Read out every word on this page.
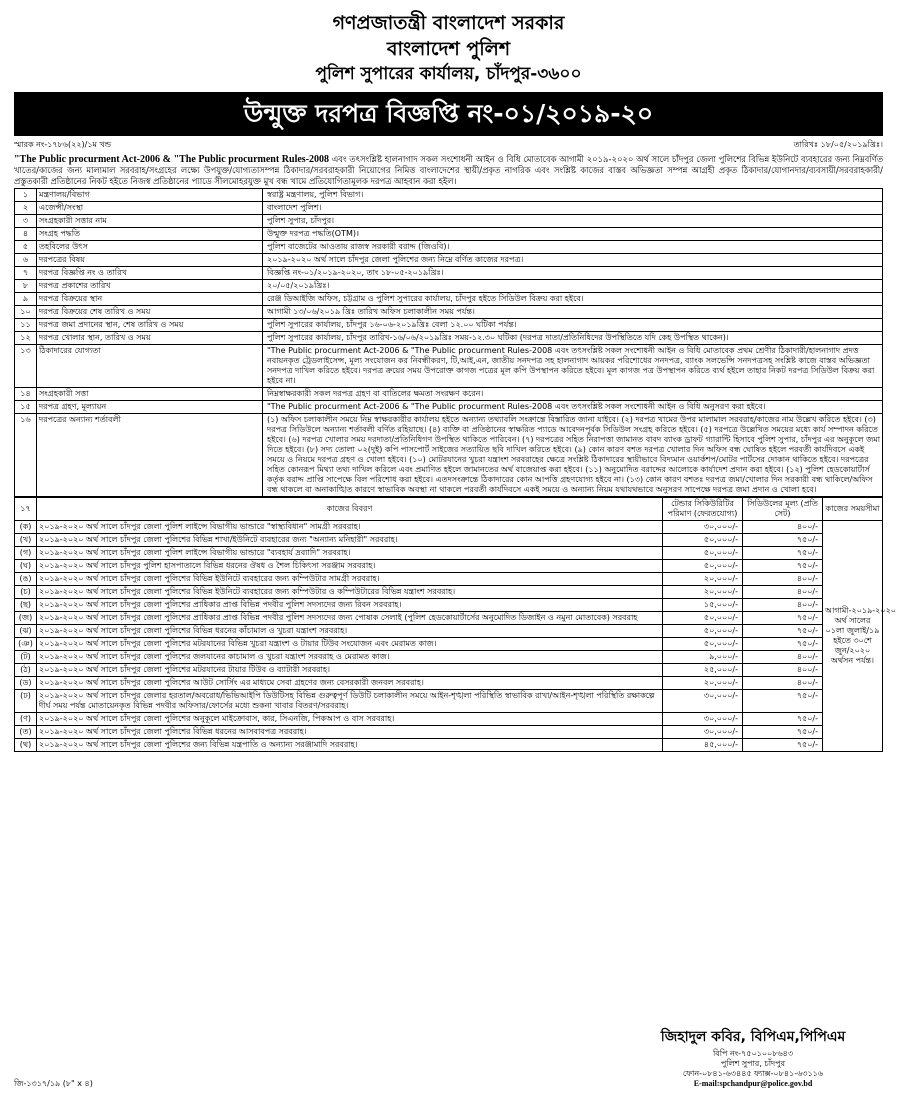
গণপ্রজাতন্ত্রী বাংলাদেশ সরকার
বাংলাদেশ পুলিশ
পুলিশ সুপারের কার্যালয়, চাঁদপুর-৩৬০০
উন্মুক্ত দরপত্র বিজ্ঞপ্তি নং-০১/২০১৯-২০
স্মারক নং-১৭৮৬(২২)/১ম খন্ড	তারিখঃ ১৮/০৫/২০১৯খ্রিঃ।
"The Public procurment Act-2006 & "The Public procurment Rules-2008 এবং তৎসংশ্লিষ্ট হালনাগাদ সকল সংশোধনী আইন ও বিধি মোতাবেক আগামী ২০১৯-২০২০ অর্থ সালে চাঁদপুর জেলা পুলিশের বিভিন্ন ইউনিটে ব্যবহারের জন্য নিম্নবর্ণিত খাতের/কাজের জন্য মালামাল সরবরাহ/সংগ্রহের লক্ষ্যে উপযুক্ত/যোগ্যতাসম্পন্ন ঠিকাদার/সরবরাহকারী নিয়োগের নিমিত্ত বাংলাদেশের স্থায়ী/প্রকৃত নাগরিক এবং সংশ্লিষ্ট কাজের বাস্তব অভিজ্ঞতা সম্পন্ন আগ্রহী প্রকৃত ঠিকাদার/যোগানদার/ব্যবসায়ী/সরবরাহকারী/প্রস্তুতকারী প্রতিষ্ঠানের নিকট হইতে নিজস্ব প্রতিষ্ঠানের প্যাডে সীলমোহরযুক্ত মুখ বন্ধ খামে প্রতিযোগিতামূলক দরপত্র আহবান করা হইল।
১	মন্ত্রণালয়/বিভাগ	স্বরাষ্ট্র মন্ত্রণালয়, পুলিশ বিভাগ।
২	এজেন্সী/সংস্থা	বাংলাদেশ পুলিশ।
৩	সংগ্রহকারী সত্তার নাম	পুলিশ সুপার, চাঁদপুর।
৪	সংগ্রহ পদ্ধতি	উন্মুক্ত দরপত্র পদ্ধতি(OTM)।
৫	তহবিলের উৎস	পুলিশ বাজেটের আওতায় রাজস্ব সরকারী বরাদ্দ (জিওবি)।
৬	দরপত্রের বিষয়	২০১৯-২০২০ অর্থ সালে চাঁদপুর জেলা পুলিশের জন্য নিম্নে বর্ণিত কাজের দরপত্র।
৭	দরপত্র বিজ্ঞপ্তি নং ও তারিখ	বিজ্ঞপ্তি নং-০১/২০১৯-২০২০, তাং ১৮-০৫-২০১৯খ্রিঃ।
৮	দরপত্র প্রকাশের তারিখ	২০/০৫/২০১৯খ্রিঃ।
৯	দরপত্র বিক্রয়ের স্থান	রেঞ্জ ডিআইজি অফিস, চট্টগ্রাম ও পুলিশ সুপারের কার্যালয়, চাঁদপুর হইতে সিডিউল বিক্রয় করা হইবে।
১০	দরপত্র বিক্রয়ের শেষ তারিখ ও সময়	আগামী ১৩/০৬/২০১৯ খ্রিঃ তারিখ অফিস চলাকালীন সময় পর্যন্ত।
১১	দরপত্র জমা প্রদানের স্থান, শেষ তারিখ ও সময়	পুলিশ সুপারের কার্যালয়, চাঁদপুর ১৬-০৬-২০১৯খ্রিঃ বেলা ১২.০০ ঘটিকা পর্যন্ত।
১২	দরপত্র খোলার স্থান, তারিখ ও সময়	পুলিশ সুপারের কার্যালয়, চাঁদপুর তারিখ-১৬/০৬/২০১৯খ্রিঃ সময়-১২.৩০ ঘটিকা (দরপত্র দাতা/প্রতিনিধিদের উপস্থিতিতে যদি কেহ উপস্থিত থাকেন)।
১৩	ঠিকাদারের যোগ্যতা	"The Public procurment Act-2006 & "The Public procurment Rules-2008 এবং তৎসংশ্লিষ্ট সকল সংশোধনী আইন ও বিধি মোতাবেক প্রথম শ্রেণীর ঠিকাদারী/হালনাগাদ প্রদত্ত নবায়নকৃত ট্রেডলাইসেন্স, মূল্য সংযোজন কর নিবন্ধীকরণ, টি,আই,এন, জাতীয় সনদপত্র সহ হালনাগাদ আয়কর পরিশোধের সনদপত্র, ব্যাংক সলভেন্সি সনদপত্রসহ সংশ্লিষ্ট কাজে বাস্তব অভিজ্ঞতা সনদপত্র দাখিল করিতে হইবে। দরপত্র ক্রয়ের সময় উপরোক্ত কাগজ পত্রের মূল কপি উপস্থাপন করিতে হইবে। মূল কাগজ পত্র উপস্থাপন করিতে ব্যর্থ হইলে তাহার নিকট দরপত্র সিডিউল বিক্রয় করা হইবে না।
১৪	সংগ্রহকারী সত্তা	নিম্নস্বাক্ষরকারী সকল দরপত্র গ্রহণ বা বাতিলের ক্ষমতা সংরক্ষণ করেন।
১৫	দরপত্র গ্রহণ, মূল্যায়ন	"The Public procurment Act-2006 & "The Public procurment Rules-2008 এবং তৎসংশ্লিষ্ট সকল সংশোধনী আইন ও বিধি অনুসরণ করা হইবে।
১৬	দরপত্রের অন্যান্য শর্তাবলী	(১) অফিস চলাকালীন সময়ে নিম্ন স্বাক্ষরকারীর কার্যালয় হইতে অন্যান্য তথ্যাবলি সংক্রান্তে বিস্তারিত জানা যাইবে। (২) দরপত্র খামের উপর মালামাল সরবরাহ/কাজের নাম উল্লেখ করিতে হইবে। (৩) দরপত্র সিডিউলে অন্যান্য শর্তাবলী বর্ণিত রহিয়াছে। (৪) ব্যক্তি বা প্রতিষ্ঠানের স্বাক্ষরিত প্যাডে আবেদনপূর্বক সিডিউল সংগ্রহ করিতে হইবে। (৫) দরপত্রে উল্লেখিত সময়ের মধ্যে কার্য সম্পাদন করিতে হইবে। (৬) দরপত্র খোলার সময় দরদাতা/প্রতিনিধিগণ উপস্থিত থাকিতে পারিবেন। (৭) দরপত্রের সহিত নিরাপত্তা জামানত বাবদ ব্যাংক ড্রাফট গ্যারান্টি হিসাবে পুলিশ সুপার, চাঁদপুর এর অনুকূলে জমা দিতে হইবে। (৮) সদ্য তোলা ০২(দুই) কপি পাসপোর্ট সাইজের সত্যায়িত ছবি দাখিল করিতে হইবে। (৯) কোন কারণ বশত দরপত্র খোলার দিন অফিস বন্ধ ঘোষিত হইলে পরবর্তী কার্যদিবসে একই সময়ে ও নিয়মে দরপত্র গ্রহণ ও খোলা হইবে। (১০) মোটরযানের খুচরা যন্ত্রাংশ সরবরাহের ক্ষেত্রে সংশ্লিষ্ট ঠিকাদারের স্থায়ীভাবে বিদ্যমান ওয়ার্কশপ/মোটর পার্টসের দোকান থাকিতে হইবে। দরপত্রের সহিত কোনরূপ মিথ্যা তথ্য দাখিল করিলে এবং প্রমাণিত হইলে জামানতের অর্থ বাজেয়াপ্ত করা হইবে। (১১) অনুমোদিত বরাদ্দের আলোকে কার্যাদেশ প্রদান করা হইবে। (১২) পুলিশ হেডকোয়ার্টার্স কর্তৃক বরাদ্দ প্রাপ্তি সাপেক্ষে বিল পরিশোধ করা হইবে। এতদসংক্রান্তে ঠিকাদারের কোন আপত্তি গ্রহণযোগ্য হইবে না। (১৩) কোন কারণ বশতঃ দরপত্র জমা/খোলার দিন সরকারী বন্ধ থাকিলে/অফিস বন্ধ থাকলে বা অনাকাঙ্খিত কারণে স্বাভাবিক অবস্থা না থাকলে পরবর্তী কার্যদিবসে একই সময়ে ও অন্যান্য নিয়ম যথাযথভাবে অনুসরণ সাপেক্ষে দরপত্র জমা প্রদান ও খোলা হবে।
১৭	কাজের বিবরণ	টেন্ডার সিকিউরিটির পরিমাণ (ফেরতযোগ্য)	সিডিউলের মূল্য (প্রতি সেট)	কাজের সময়সীমা
(ক)	২০১৯-২০২০ অর্থ সালে চাঁদপুর জেলা পুলিশ লাইন্সে বিভাগীয় ভান্ডারে "স্বাস্থ্যবিধান" সামগ্রী সরবরাহ।	৩০,০০০/-	৪০০/-	আগামী-২০১৯-২০২০ অর্থ সালের ০১লা জুলাই/১৯ হইতে ৩০শে জুন/২০২০ অর্থসন পর্যন্ত।
(খ)	২০১৯-২০২০ অর্থ সালে চাঁদপুর জেলা পুলিশের বিভিন্ন শাখা/ইউনিটে ব্যবহারের জন্য "অন্যান্য মনিহারী" সরবরাহ।	৫০,০০০/-	৭৫০/-	
(গ)	২০১৯-২০২০ অর্থ সালে চাঁদপুর জেলা পুলিশ লাইন্সে বিভাগীয় ভান্ডারে "ব্যবহার্য দ্রব্যাদি" সরবরাহ।	৫০,০০০/-	৭৫০/-	
(ঘ)	২০১৯-২০২০ অর্থ সালে চাঁদপুর পুলিশ হাসপাতালে বিভিন্ন ধরনের ঔষধ ও শৈল চিকিৎসা সরঞ্জাম সরবরাহ।	৫০,০০০/-	৭৫০/-	
(ঙ)	২০১৯-২০২০ অর্থ সালে চাঁদপুর জেলা পুলিশের বিভিন্ন ইউনিটে ব্যবহারের জন্য কম্পিউটার সামগ্রী সরবরাহ।	২০,০০০/-	৪০০/-	
(চ)	২০১৯-২০২০ অর্থ সালে চাঁদপুর জেলা পুলিশের বিভিন্ন ইউনিটে ব্যবহারের জন্য কম্পিউটার ও কম্পিউটারের বিভিন্ন যন্ত্রাংশ সরবরাহ।	২০,০০০/-	৪০০/-	
(ছ)	২০১৯-২০২০ অর্থ সালে চাঁদপুর জেলা পুলিশের প্রাধিকার প্রাপ্ত বিভিন্ন পদবীর পুলিশ সদস্যদের জন্য রিবন সরবরাহ।	১৫,০০০/-	৪০০/-	
(জ)	২০১৯-২০২০ অর্থ সালে চাঁদপুর জেলা পুলিশের প্রাধিকার প্রাপ্ত বিভিন্ন পদবীর পুলিশ সদস্যদের জন্য পোষাক সেলাই (পুলিশ হেডকোয়ার্টার্সের অনুমোদিত ডিজাইন ও নমুনা মোতাবেক) সরবরাহ	৫০,০০০/-	৭৫০/-	
(ঝ)	২০১৯-২০২০ অর্থ সালে চাঁদপুর জেলা পুলিশের বিভিন্ন ধরনের কাঁচামাল ও খুচরা যন্ত্রাংশ সরবরাহ।	৫০,০০০/-	৭৫০/-	
(ঞ)	২০১৯-২০২০ অর্থ সালে চাঁদপুর জেলা পুলিশের মটরযানের বিভিন্ন খুচরা যন্ত্রাংশ ও টায়ার টিউব সংযোজন এবং মেরামত কাজ।	৫০,০০০/-	৭৫০/-	
(ট)	২০১৯-২০২০ অর্থ সালে চাঁদপুর জেলা পুলিশের জলযানের কাচামাল ও খুচরা যন্ত্রাংশ সরবরাহ ও মেরামত কাজ।	৯,০০০/-	৪০০/-	
(ঠ)	২০১৯-২০২০ অর্থ সালে চাঁদপুর জেলা পুলিশের মটরযানের টায়ার টিউব ও ব্যাটারী সরবরাহ।	২৫,০০০/-	৪০০/-	
(ড)	২০১৯-২০২০ অর্থ সালে চাঁদপুর জেলা পুলিশের আউট সোর্সিং এর মাধ্যমে সেবা গ্রহণের জন্য বেসরকারী জনবল সরবরাহ।	২০,০০০/-	৪০০/-	
(ঢ)	২০১৯-২০২০ অর্থ সালে চাঁদপুর জেলার হরতাল/অবরোধ/ভিভিআইপি ডিউটিসহ বিভিন্ন গুরুত্বপূর্ণ ডিউটি চলাকালীন সময়ে আইন-শৃঙ্খলা পরিস্থিতি স্বাভাবিক রাখা/আইন-শৃঙ্খলা পরিস্থিতি রক্ষাকল্পে দীর্ঘ সময় পর্যন্ত মোতায়েনকৃত বিভিন্ন পদবীর অফিসার/ফোর্সের মধ্যে শুকনা খাবার বিতরণ/সরবরাহ।	৩০,০০০/-	৭৫০/-	
(ণ)	২০১৯-২০২০ অর্থ সালে চাঁদপুর জেলা পুলিশের অনুকূলে মাইক্রোবাস, কার, সিএনজি, পিকআপ ও বাস সরবরাহ।	৩০,০০০/-	৭৫০/-	
(ত)	২০১৯-২০২০ অর্থ সালে চাঁদপুর জেলা পুলিশের বিভিন্ন ধরনের আসবাবপত্র সরবরাহ।	৩০,০০০/-	৭৫০/-	
(থ)	২০১৯-২০২০ অর্থ সালে চাঁদপুর জেলা পুলিশের জন্য বিভিন্ন যন্ত্রপাতি ও অন্যান্য সরঞ্জামাদি সরবরাহ।	৪৫,০০০/-	৭৫০/-	
জিহাদুল কবির, বিপিএম,পিপিএম
বিপি নং-৭৫০১০০৮৬৪৩
পুলিশ সুপার, চাঁদপুর
ফোন-০৮৪১-৬৩৪৪৫ ফ্যাক্স-০৮৪১-৬৩১১৬
E-mail:spchandpur@police.gov.bd
জি-১৩১৭/১৯ (৮" x ৪)
